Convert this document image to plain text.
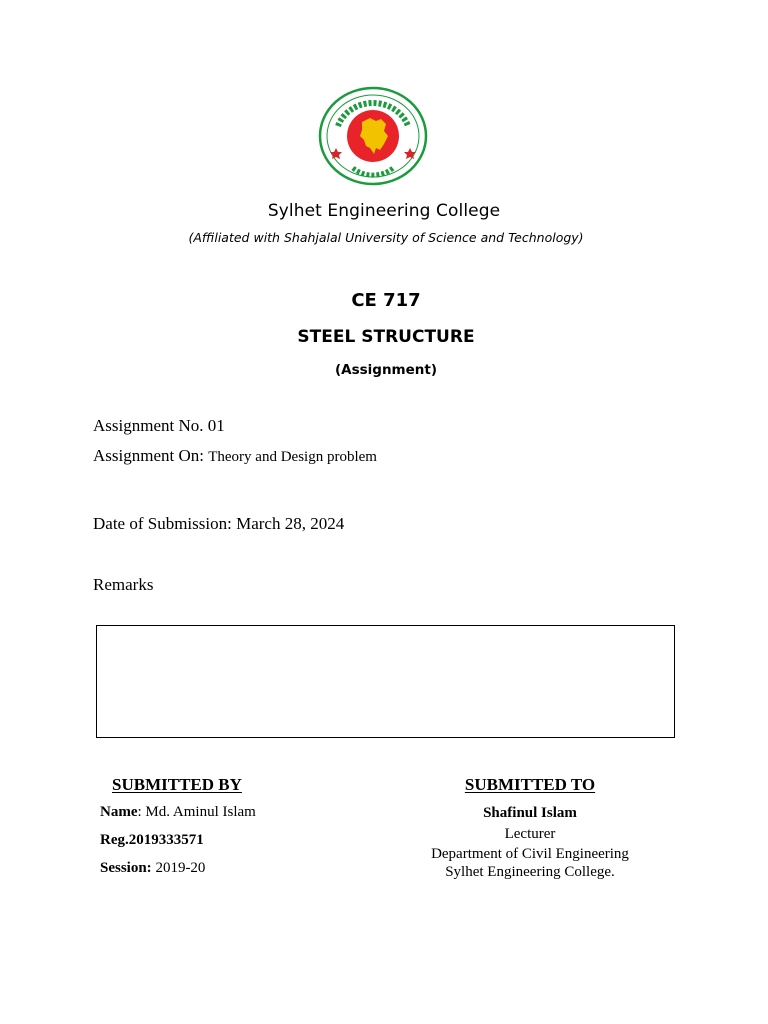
Sylhet Engineering College
(Affiliated with Shahjalal University of Science and Technology)
CE 717
STEEL STRUCTURE
(Assignment)
Assignment No. 01
Assignment On: Theory and Design problem
Date of Submission: March 28, 2024
Remarks
SUBMITTED BY
Name: Md. Aminul Islam
Reg.2019333571
Session: 2019-20
SUBMITTED TO
Shafinul Islam
Lecturer
Department of Civil Engineering
Sylhet Engineering College.
